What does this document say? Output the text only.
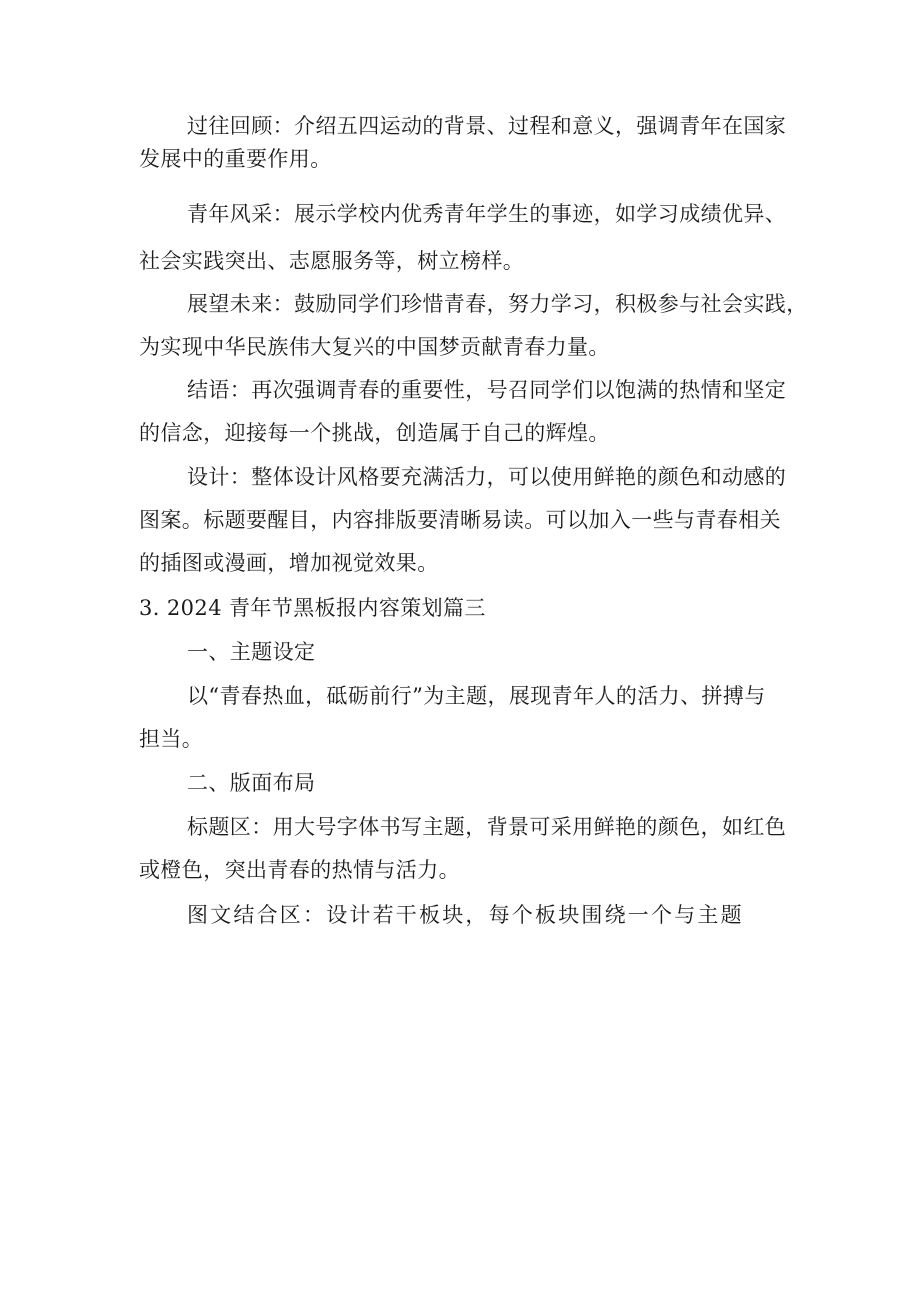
过往回顾：介绍五四运动的背景、过程和意义，强调青年在国家
发展中的重要作用。
青年风采：展示学校内优秀青年学生的事迹，如学习成绩优异、
社会实践突出、志愿服务等，树立榜样。
展望未来：鼓励同学们珍惜青春，努力学习，积极参与社会实践，
为实现中华民族伟大复兴的中国梦贡献青春力量。
结语：再次强调青春的重要性，号召同学们以饱满的热情和坚定
的信念，迎接每一个挑战，创造属于自己的辉煌。
设计：整体设计风格要充满活力，可以使用鲜艳的颜色和动感的
图案。标题要醒目，内容排版要清晰易读。可以加入一些与青春相关
的插图或漫画，增加视觉效果。
3. 2024 青年节黑板报内容策划篇三
一、主题设定
以“青春热血，砥砺前行”为主题，展现青年人的活力、拼搏与
担当。
二、版面布局
标题区：用大号字体书写主题，背景可采用鲜艳的颜色，如红色
或橙色，突出青春的热情与活力。
图文结合区：设计若干板块，每个板块围绕一个与主题
